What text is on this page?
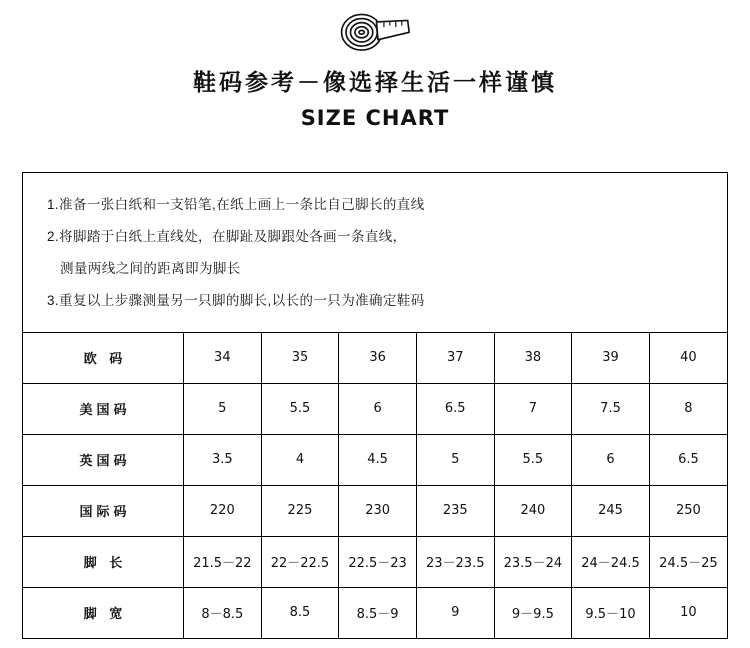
鞋码参考－像选择生活一样谨慎
SIZE CHART

1.准备一张白纸和一支铅笔,在纸上画上一条比自己脚长的直线

2.将脚踏于白纸上直线处，在脚趾及脚跟处各画一条直线，

测量两线之间的距离即为脚长

3.重复以上步骤测量另一只脚的脚长,以长的一只为准确定鞋码

欧 码	34	35	36	37	38	39	40
美国码	5	5.5	6	6.5	7	7.5	8
英国码	3.5	4	4.5	5	5.5	6	6.5
国际码	220	225	230	235	240	245	250
脚 长	21.5－22	22－22.5	22.5－23	23－23.5	23.5－24	24－24.5	24.5－25
脚 宽	8－8.5	8.5	8.5－9	9	9－9.5	9.5－10	10
